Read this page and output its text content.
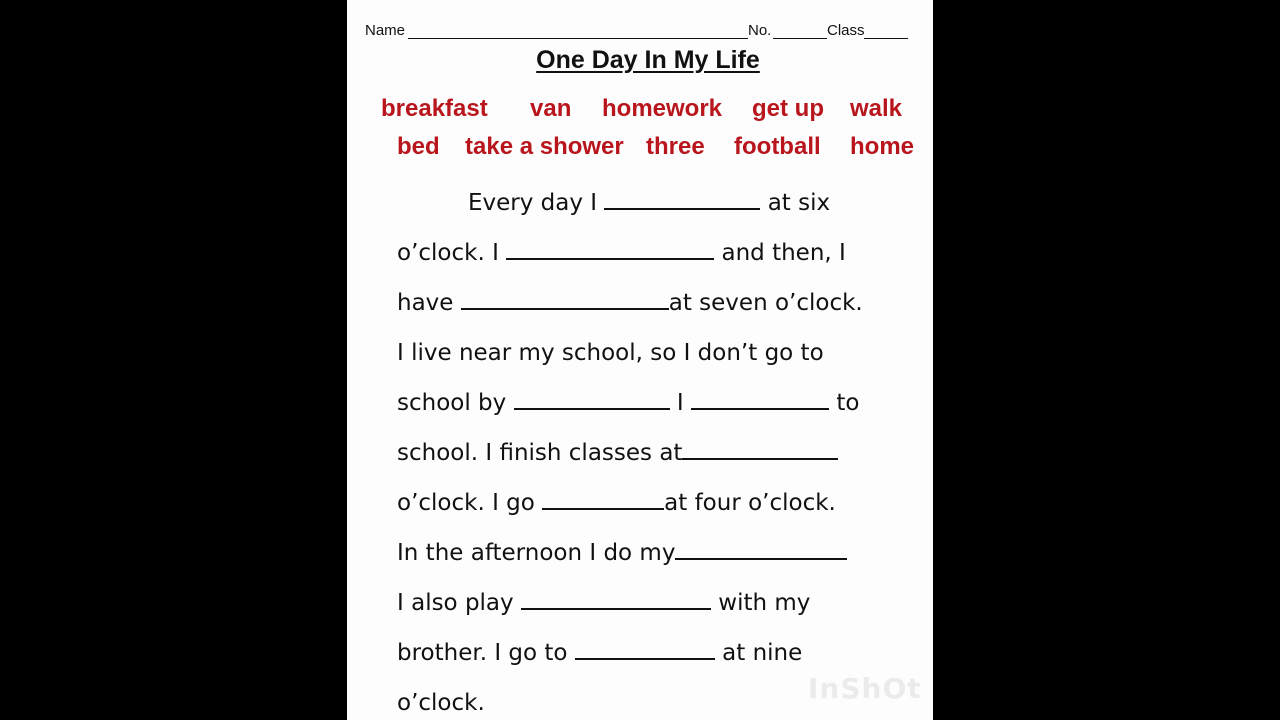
Name	No.	Class
One Day In My Life
breakfast van homework get up walk
bed take a shower three football home
Every day I	at six
o’clock. I	and then, I
have	at seven o’clock.
I live near my school, so I don’t go to
school by	I	to
school. I finish classes at
o’clock. I go	at four o’clock.
In the afternoon I do my
I also play	with my
brother. I go to	at nine
o’clock.	InShOt
